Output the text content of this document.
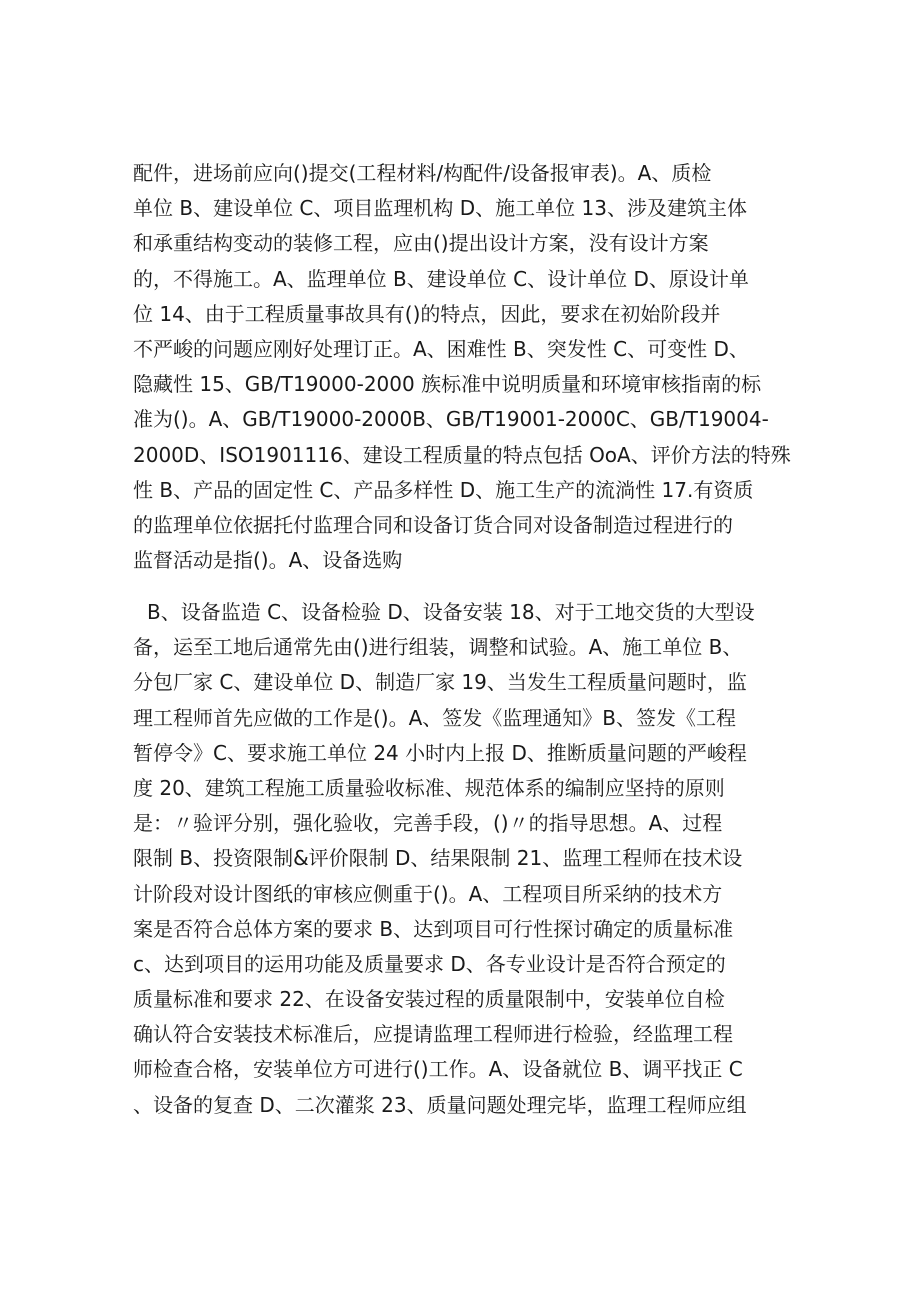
配件，进场前应向()提交(工程材料/构配件/设备报审表)。A、质检
单位 B、建设单位 C、项目监理机构 D、施工单位 13、涉及建筑主体
和承重结构变动的装修工程，应由()提出设计方案，没有设计方案
的，不得施工。A、监理单位 B、建设单位 C、设计单位 D、原设计单
位 14、由于工程质量事故具有()的特点，因此，要求在初始阶段并
不严峻的问题应刚好处理订正。A、困难性 B、突发性 C、可变性 D、
隐藏性 15、GB/T19000-2000 族标准中说明质量和环境审核指南的标
准为()。A、GB/T19000-2000B、GB/T19001-2000C、GB/T19004-
2000D、ISO1901116、建设工程质量的特点包括 OoA、评价方法的特殊
性 B、产品的固定性 C、产品多样性 D、施工生产的流淌性 17.有资质
的监理单位依据托付监理合同和设备订货合同对设备制造过程进行的
监督活动是指()。A、设备选购
B、设备监造 C、设备检验 D、设备安装 18、对于工地交货的大型设
备，运至工地后通常先由()进行组装，调整和试验。A、施工单位 B、
分包厂家 C、建设单位 D、制造厂家 19、当发生工程质量问题时，监
理工程师首先应做的工作是()。A、签发《监理通知》B、签发《工程
暂停令》C、要求施工单位 24 小时内上报 D、推断质量问题的严峻程
度 20、建筑工程施工质量验收标准、规范体系的编制应坚持的原则
是：〃验评分别，强化验收，完善手段，()〃的指导思想。A、过程
限制 B、投资限制&评价限制 D、结果限制 21、监理工程师在技术设
计阶段对设计图纸的审核应侧重于()。A、工程项目所采纳的技术方
案是否符合总体方案的要求 B、达到项目可行性探讨确定的质量标准
c、达到项目的运用功能及质量要求 D、各专业设计是否符合预定的
质量标准和要求 22、在设备安装过程的质量限制中，安装单位自检
确认符合安装技术标准后，应提请监理工程师进行检验，经监理工程
师检查合格，安装单位方可进行()工作。A、设备就位 B、调平找正 C
、设备的复查 D、二次灌浆 23、质量问题处理完毕，监理工程师应组
